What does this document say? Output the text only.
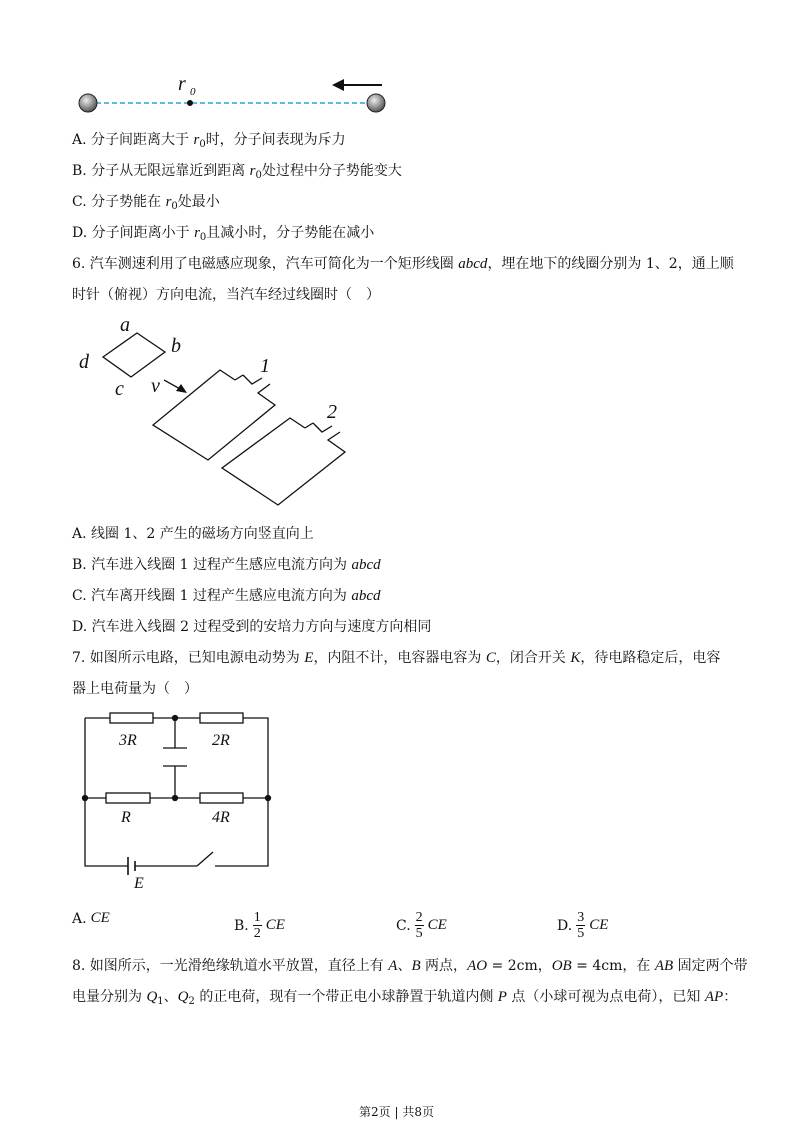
r 0
A. 分子间距离大于 $r_0$时，分子间表现为斥力
B. 分子从无限远靠近到距离 $r_0$处过程中分子势能变大
C. 分子势能在 $r_0$处最小
D. 分子间距离小于 $r_0$且减小时，分子势能在减小
6. 汽车测速利用了电磁感应现象，汽车可简化为一个矩形线圈 abcd，埋在地下的线圈分别为 1、2，通上顺
时针（俯视）方向电流，当汽车经过线圈时（　）
a
b
d
c v
1
2
A. 线圈 1、2 产生的磁场方向竖直向上
B. 汽车进入线圈 1 过程产生感应电流方向为 abcd
C. 汽车离开线圈 1 过程产生感应电流方向为 abcd
D. 汽车进入线圈 2 过程受到的安培力方向与速度方向相同
7. 如图所示电路，已知电源电动势为 E，内阻不计，电容器电容为 C，闭合开关 K，待电路稳定后，电容
器上电荷量为（　）
3R	2R
R	4R
E
A. CE	B. $\frac{1}{2}$ CE	C. $\frac{2}{5}$ CE	D. $\frac{3}{5}$ CE
8. 如图所示，一光滑绝缘轨道水平放置，直径上有 A、B 两点，AO = 2cm，OB = 4cm，在 AB 固定两个带
电量分别为 $Q_1$、$Q_2$ 的正电荷，现有一个带正电小球静置于轨道内侧 P 点（小球可视为点电荷），已知 AP：
第2页 | 共8页
